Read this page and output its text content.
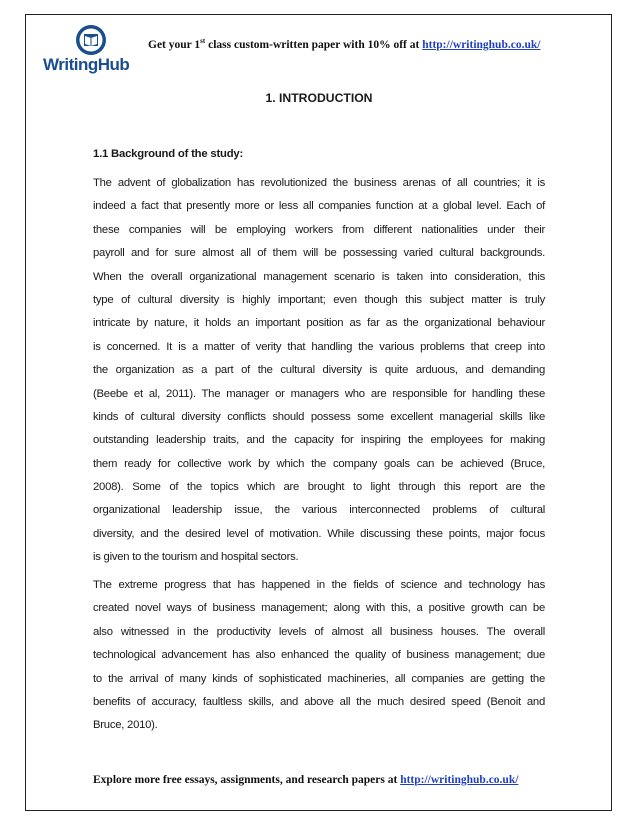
WritingHub
Get your 1st class custom-written paper with 10% off at http://writinghub.co.uk/
1. INTRODUCTION
1.1 Background of the study:
The advent of globalization has revolutionized the business arenas of all countries; it is
indeed a fact that presently more or less all companies function at a global level. Each of
these companies will be employing workers from different nationalities under their
payroll and for sure almost all of them will be possessing varied cultural backgrounds.
When the overall organizational management scenario is taken into consideration, this
type of cultural diversity is highly important; even though this subject matter is truly
intricate by nature, it holds an important position as far as the organizational behaviour
is concerned. It is a matter of verity that handling the various problems that creep into
the organization as a part of the cultural diversity is quite arduous, and demanding
(Beebe et al, 2011). The manager or managers who are responsible for handling these
kinds of cultural diversity conflicts should possess some excellent managerial skills like
outstanding leadership traits, and the capacity for inspiring the employees for making
them ready for collective work by which the company goals can be achieved (Bruce,
2008). Some of the topics which are brought to light through this report are the
organizational leadership issue, the various interconnected problems of cultural
diversity, and the desired level of motivation. While discussing these points, major focus
is given to the tourism and hospital sectors.
The extreme progress that has happened in the fields of science and technology has
created novel ways of business management; along with this, a positive growth can be
also witnessed in the productivity levels of almost all business houses. The overall
technological advancement has also enhanced the quality of business management; due
to the arrival of many kinds of sophisticated machineries, all companies are getting the
benefits of accuracy, faultless skills, and above all the much desired speed (Benoit and
Bruce, 2010).
Explore more free essays, assignments, and research papers at http://writinghub.co.uk/
